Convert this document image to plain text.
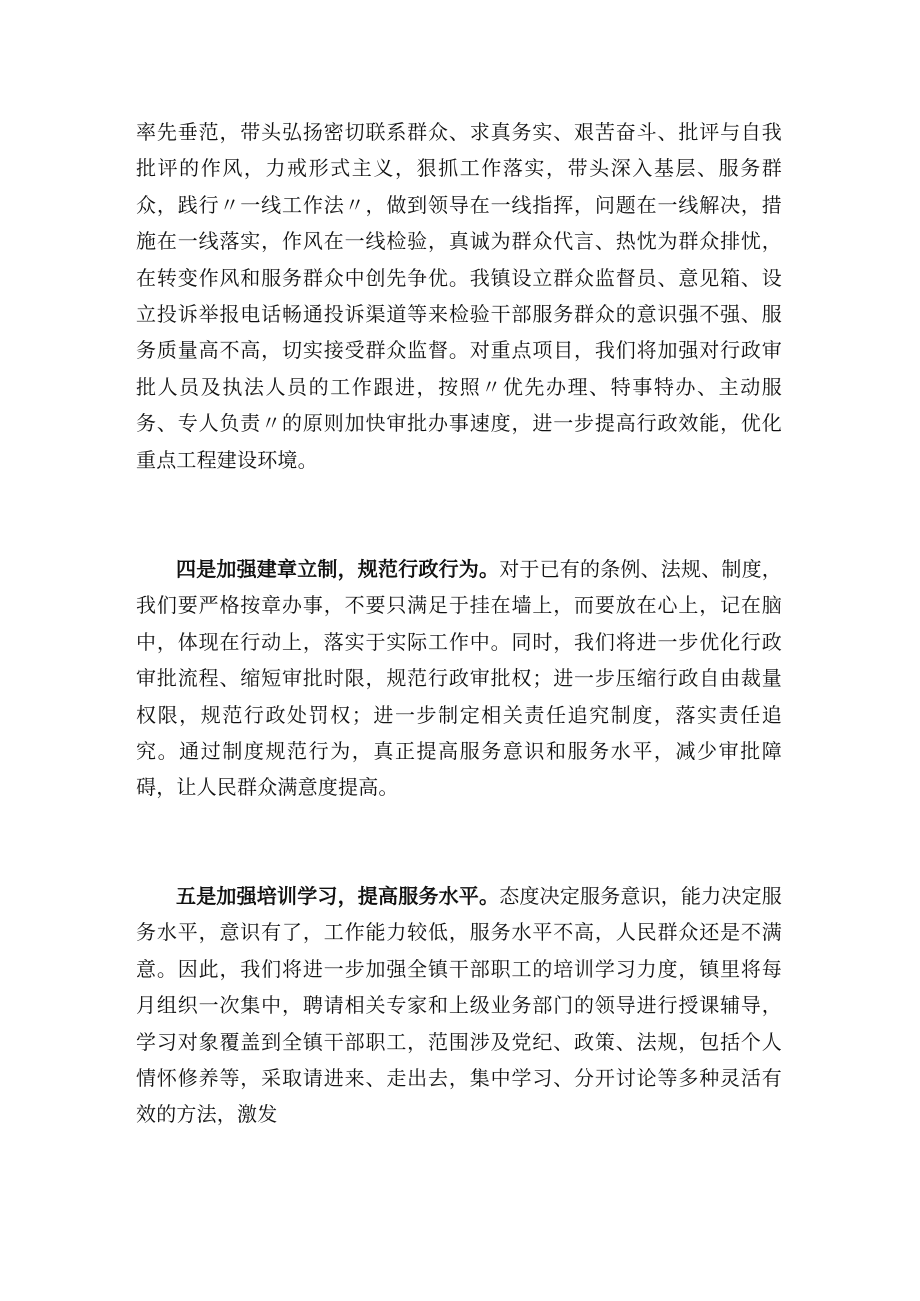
率先垂范，带头弘扬密切联系群众、求真务实、艰苦奋斗、批评与自我批评的作风，力戒形式主义，狠抓工作落实，带头深入基层、服务群众，践行〃一线工作法〃，做到领导在一线指挥，问题在一线解决，措施在一线落实，作风在一线检验，真诚为群众代言、热忱为群众排忧，在转变作风和服务群众中创先争优。我镇设立群众监督员、意见箱、设立投诉举报电话畅通投诉渠道等来检验干部服务群众的意识强不强、服务质量高不高，切实接受群众监督。对重点项目，我们将加强对行政审批人员及执法人员的工作跟进，按照〃优先办理、特事特办、主动服务、专人负责〃的原则加快审批办事速度，进一步提高行政效能，优化重点工程建设环境。

四是加强建章立制，规范行政行为。对于已有的条例、法规、制度，我们要严格按章办事，不要只满足于挂在墙上，而要放在心上，记在脑中，体现在行动上，落实于实际工作中。同时，我们将进一步优化行政审批流程、缩短审批时限，规范行政审批权；进一步压缩行政自由裁量权限，规范行政处罚权；进一步制定相关责任追究制度，落实责任追究。通过制度规范行为，真正提高服务意识和服务水平，减少审批障碍，让人民群众满意度提高。

五是加强培训学习，提高服务水平。态度决定服务意识，能力决定服务水平，意识有了，工作能力较低，服务水平不高，人民群众还是不满意。因此，我们将进一步加强全镇干部职工的培训学习力度，镇里将每月组织一次集中，聘请相关专家和上级业务部门的领导进行授课辅导，学习对象覆盖到全镇干部职工，范围涉及党纪、政策、法规，包括个人情怀修养等，采取请进来、走出去，集中学习、分开讨论等多种灵活有效的方法，激发
